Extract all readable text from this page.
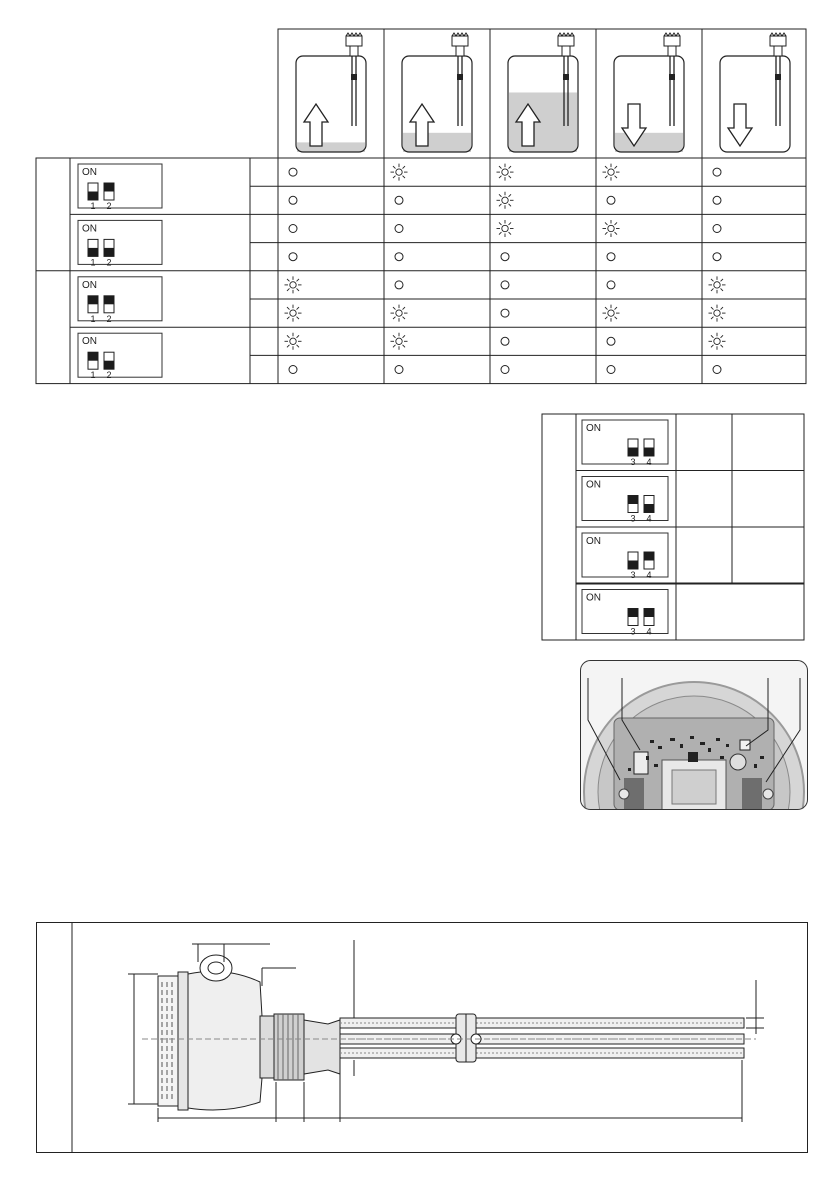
ON
1 2
ON
1 2
ON
1 2
ON
1 2
ON
3 4
ON
3 4
ON
3 4
ON
3 4
